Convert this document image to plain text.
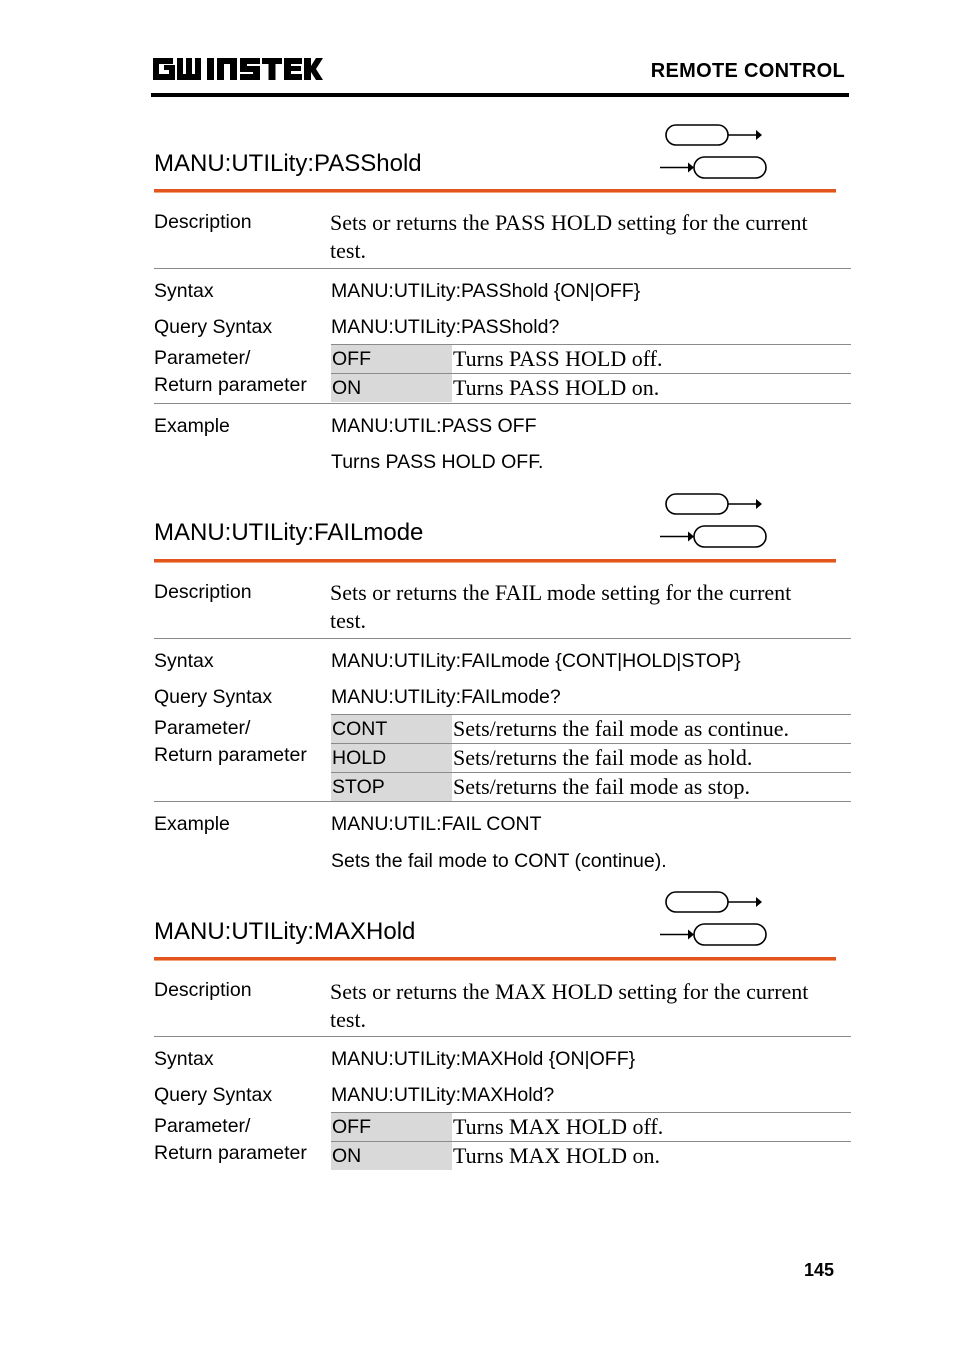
REMOTE CONTROL
MANU:UTILity:PASShold
Description	Sets or returns the PASS HOLD setting for the current test.
Syntax	MANU:UTILity:PASShold {ON|OFF}
Query Syntax	MANU:UTILity:PASShold?
Parameter/
Return parameter
OFF	Turns PASS HOLD off.
ON	Turns PASS HOLD on.
Example	MANU:UTIL:PASS OFF
Turns PASS HOLD OFF.
MANU:UTILity:FAILmode
Description	Sets or returns the FAIL mode setting for the current test.
Syntax	MANU:UTILity:FAILmode {CONT|HOLD|STOP}
Query Syntax	MANU:UTILity:FAILmode?
Parameter/
Return parameter
CONT	Sets/returns the fail mode as continue.
HOLD	Sets/returns the fail mode as hold.
STOP	Sets/returns the fail mode as stop.
Example	MANU:UTIL:FAIL CONT
Sets the fail mode to CONT (continue).
MANU:UTILity:MAXHold
Description	Sets or returns the MAX HOLD setting for the current test.
Syntax	MANU:UTILity:MAXHold {ON|OFF}
Query Syntax	MANU:UTILity:MAXHold?
Parameter/
Return parameter
OFF	Turns MAX HOLD off.
ON	Turns MAX HOLD on.
145
